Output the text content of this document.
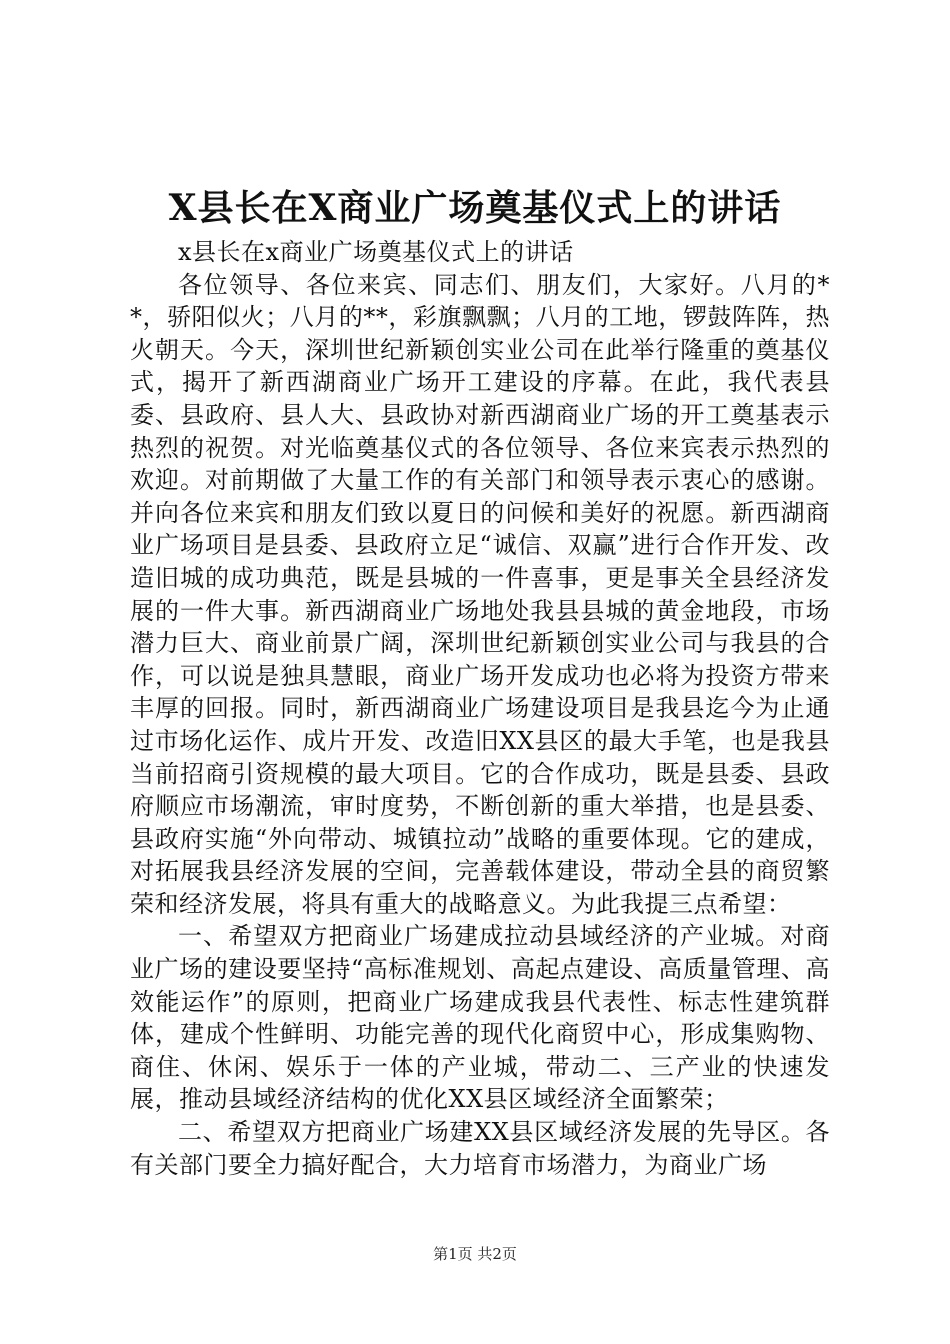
X县长在X商业广场奠基仪式上的讲话

x县长在x商业广场奠基仪式上的讲话

各位领导、各位来宾、同志们、朋友们，大家好。八月的**，骄阳似火；八月的**，彩旗飘飘；八月的工地，锣鼓阵阵，热火朝天。今天，深圳世纪新颖创实业公司在此举行隆重的奠基仪式，揭开了新西湖商业广场开工建设的序幕。在此，我代表县委、县政府、县人大、县政协对新西湖商业广场的开工奠基表示热烈的祝贺。对光临奠基仪式的各位领导、各位来宾表示热烈的欢迎。对前期做了大量工作的有关部门和领导表示衷心的感谢。并向各位来宾和朋友们致以夏日的问候和美好的祝愿。新西湖商业广场项目是县委、县政府立足“诚信、双赢”进行合作开发、改造旧城的成功典范，既是县城的一件喜事，更是事关全县经济发展的一件大事。新西湖商业广场地处我县县城的黄金地段，市场潜力巨大、商业前景广阔，深圳世纪新颖创实业公司与我县的合作，可以说是独具慧眼，商业广场开发成功也必将为投资方带来丰厚的回报。同时，新西湖商业广场建设项目是我县迄今为止通过市场化运作、成片开发、改造旧XX县区的最大手笔，也是我县当前招商引资规模的最大项目。它的合作成功，既是县委、县政府顺应市场潮流，审时度势，不断创新的重大举措，也是县委、县政府实施“外向带动、城镇拉动”战略的重要体现。它的建成，对拓展我县经济发展的空间，完善载体建设，带动全县的商贸繁荣和经济发展，将具有重大的战略意义。为此我提三点希望：

一、希望双方把商业广场建成拉动县域经济的产业城。对商业广场的建设要坚持“高标准规划、高起点建设、高质量管理、高效能运作”的原则，把商业广场建成我县代表性、标志性建筑群体，建成个性鲜明、功能完善的现代化商贸中心，形成集购物、商住、休闲、娱乐于一体的产业城，带动二、三产业的快速发展，推动县域经济结构的优化XX县区域经济全面繁荣；

二、希望双方把商业广场建XX县区域经济发展的先导区。各有关部门要全力搞好配合，大力培育市场潜力，为商业广场

第1页 共2页
